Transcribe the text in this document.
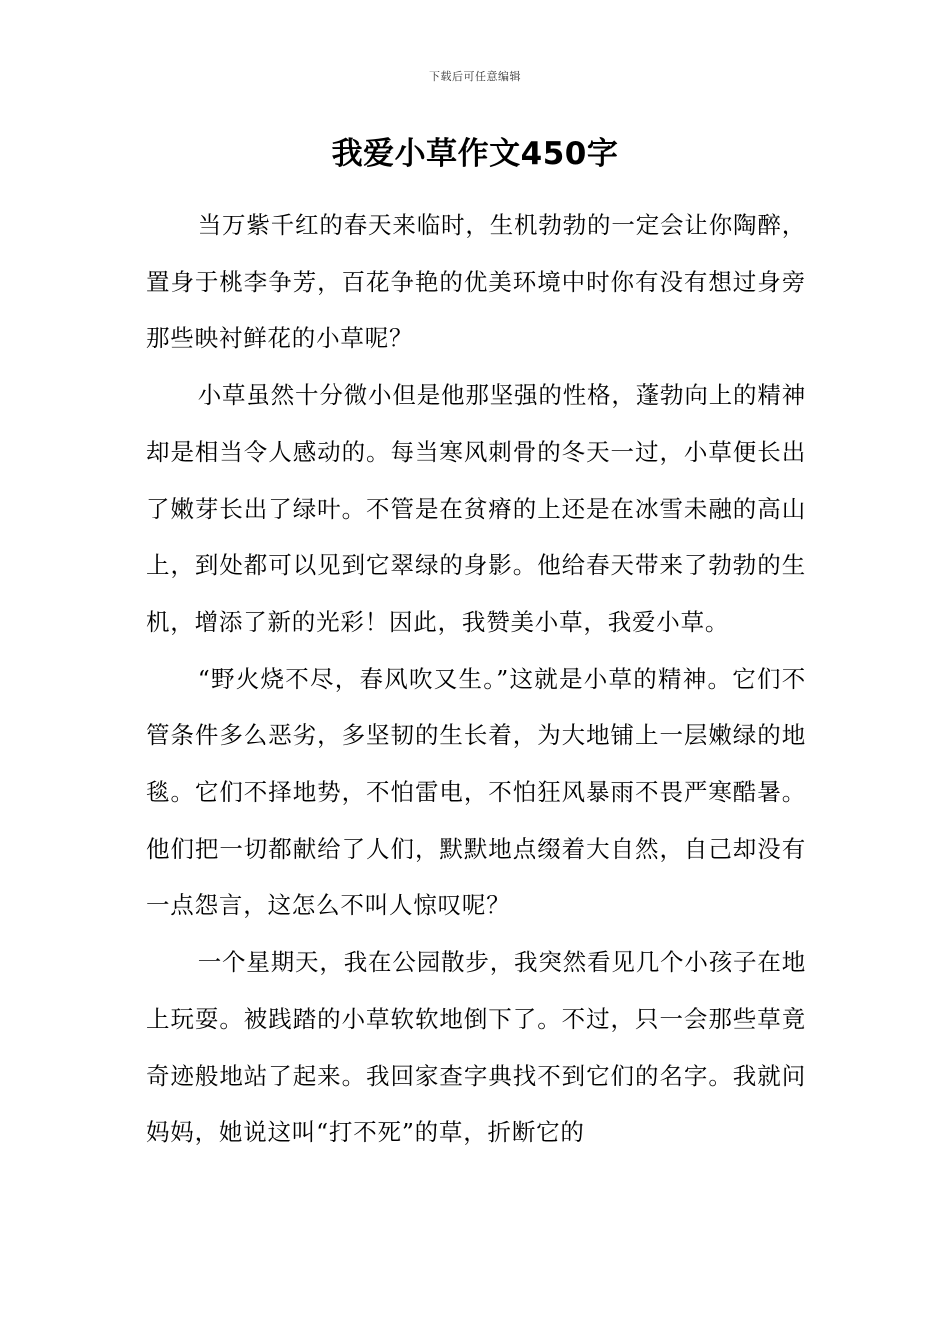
下载后可任意编辑
我爱小草作文450字

当万紫千红的春天来临时，生机勃勃的一定会让你陶醉，置身于桃李争芳，百花争艳的优美环境中时你有没有想过身旁那些映衬鲜花的小草呢？

小草虽然十分微小但是他那坚强的性格，蓬勃向上的精神却是相当令人感动的。每当寒风刺骨的冬天一过，小草便长出了嫩芽长出了绿叶。不管是在贫瘠的上还是在冰雪未融的高山上，到处都可以见到它翠绿的身影。他给春天带来了勃勃的生机，增添了新的光彩！因此，我赞美小草，我爱小草。

“野火烧不尽，春风吹又生。”这就是小草的精神。它们不管条件多么恶劣，多坚韧的生长着，为大地铺上一层嫩绿的地毯。它们不择地势，不怕雷电，不怕狂风暴雨不畏严寒酷暑。他们把一切都献给了人们，默默地点缀着大自然，自己却没有一点怨言，这怎么不叫人惊叹呢？

一个星期天，我在公园散步，我突然看见几个小孩子在地上玩耍。被践踏的小草软软地倒下了。不过，只一会那些草竟奇迹般地站了起来。我回家查字典找不到它们的名字。我就问妈妈，她说这叫“打不死”的草，折断它的
